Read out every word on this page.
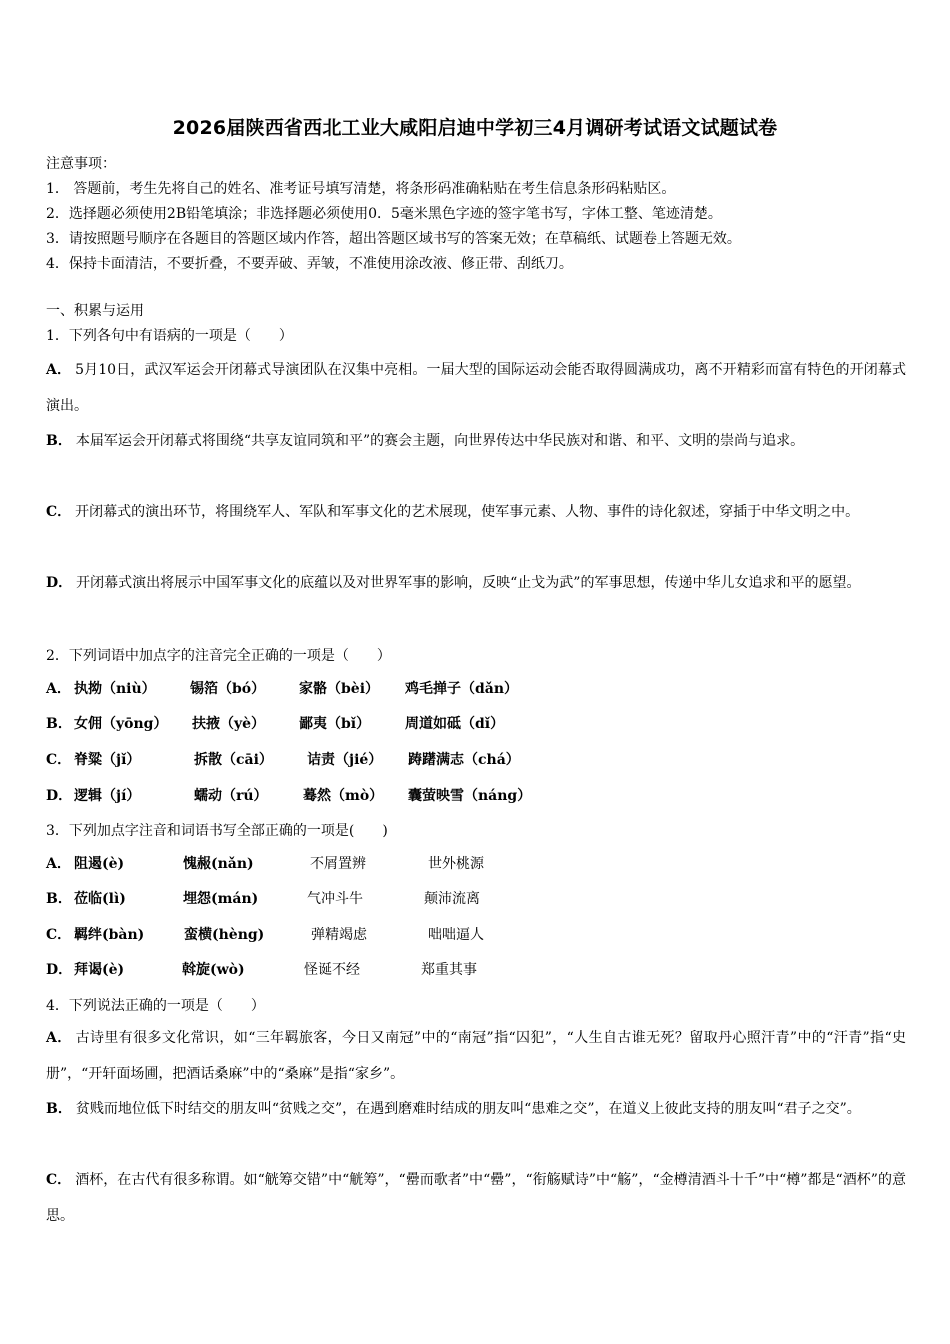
2026届陕西省西北工业大咸阳启迪中学初三4月调研考试语文试题试卷
注意事项：
1． 答题前，考生先将自己的姓名、准考证号填写清楚，将条形码准确粘贴在考生信息条形码粘贴区。
2．选择题必须使用2B铅笔填涂；非选择题必须使用0．5毫米黑色字迹的签字笔书写，字体工整、笔迹清楚。
3．请按照题号顺序在各题目的答题区域内作答，超出答题区域书写的答案无效；在草稿纸、试题卷上答题无效。
4．保持卡面清洁，不要折叠，不要弄破、弄皱，不准使用涂改液、修正带、刮纸刀。
一、积累与运用
1．下列各句中有语病的一项是（　　）
A． 5月10日，武汉军运会开闭幕式导演团队在汉集中亮相。一届大型的国际运动会能否取得圆满成功，离不开精彩而富有特色的开闭幕式演出。
B． 本届军运会开闭幕式将围绕“共享友谊同筑和平”的赛会主题，向世界传达中华民族对和谐、和平、文明的崇尚与追求。
C． 开闭幕式的演出环节，将围绕军人、军队和军事文化的艺术展现，使军事元素、人物、事件的诗化叙述，穿插于中华文明之中。
D． 开闭幕式演出将展示中国军事文化的底蕴以及对世界军事的影响，反映“止戈为武”的军事思想，传递中华儿女追求和平的愿望。
2．下列词语中加点字的注音完全正确的一项是（　　）
A． 执拗（niù） 锡箔（bó） 家骼（bèi） 鸡毛掸子（dǎn）
B． 女佣（yōng） 扶掖（yè） 鄙夷（bǐ） 周道如砥（dǐ）
C． 脊粱（jǐ）	拆散（cāi） 诘责（jié） 踌躇满志（chá）
D． 逻辑（jí）	蠕动（rú）	蓦然（mò） 囊萤映雪（náng）
3．下列加点字注音和词语书写全部正确的一项是(　　)
A． 阻遏(è)	愧赧(nǎn)	不屑置辨	世外桃源
B． 莅临(lì)	埋怨(mán)	气冲斗牛	颠沛流离
C． 羁绊(bàn)	蛮横(hèng)	弹精竭虑	咄咄逼人
D． 拜谒(è)	斡旋(wò)	怪诞不经	郑重其事
4．下列说法正确的一项是（　　）
A． 古诗里有很多文化常识，如“三年羁旅客，今日又南冠”中的“南冠”指“囚犯”，“人生自古谁无死？留取丹心照汗青”中的“汗青”指“史册”，“开轩面场圃，把酒话桑麻”中的“桑麻”是指“家乡”。
B． 贫贱而地位低下时结交的朋友叫“贫贱之交”，在遇到磨难时结成的朋友叫“患难之交”，在道义上彼此支持的朋友叫“君子之交”。
C． 酒杯，在古代有很多称谓。如“觥筹交错”中“觥筹”，“罍而歌者”中“罍”，“衔觞赋诗”中“觞”，“金樽清酒斗十千”中“樽”都是“酒杯”的意思。
